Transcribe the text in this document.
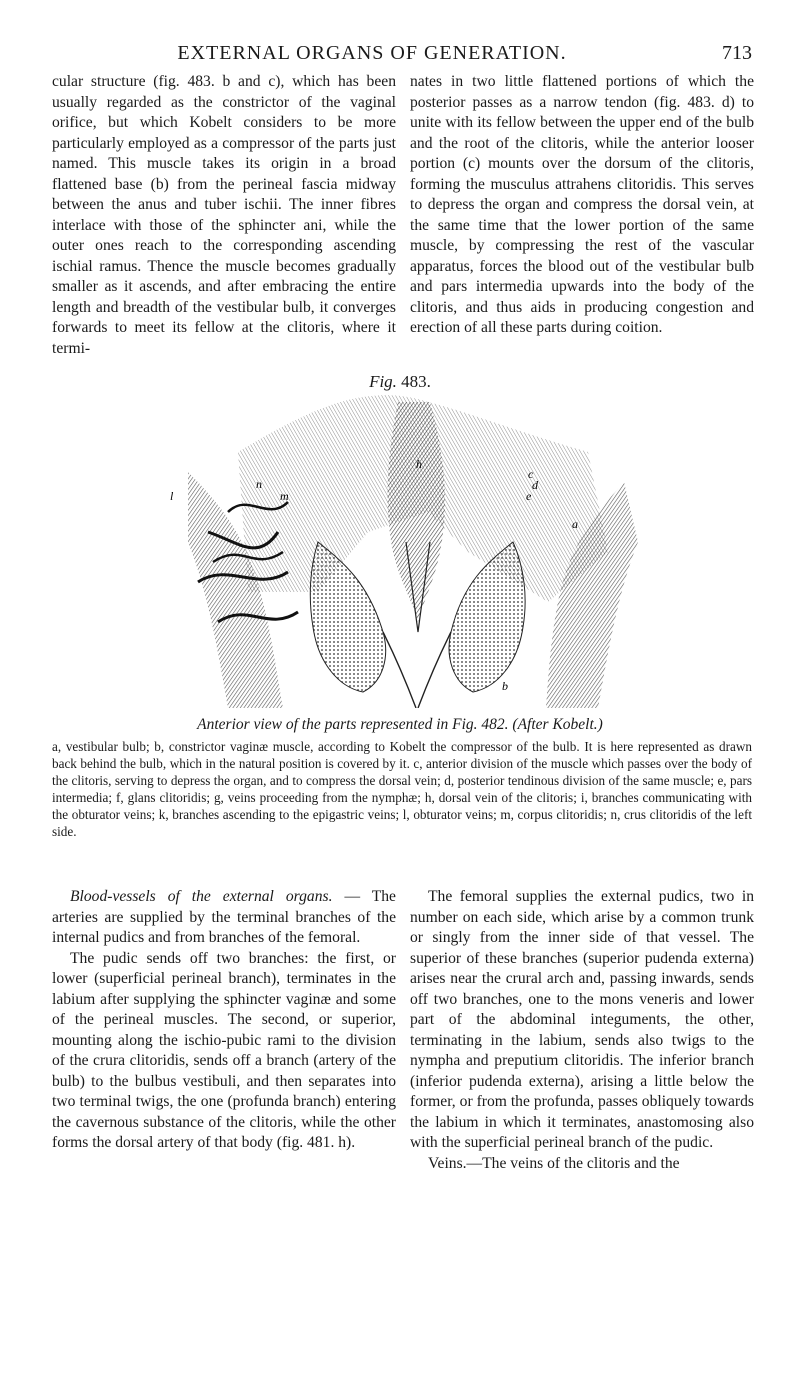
EXTERNAL ORGANS OF GENERATION.	713

cular structure (fig. 483. b and c), which has been usually regarded as the constrictor of the vaginal orifice, but which Kobelt considers to be more particularly employed as a compressor of the parts just named. This muscle takes its origin in a broad flattened base (b) from the perineal fascia midway between the anus and tuber ischii. The inner fibres interlace with those of the sphincter ani, while the outer ones reach to the corresponding ascending ischial ramus. Thence the muscle becomes gradually smaller as it ascends, and after embracing the entire length and breadth of the vestibular bulb, it converges forwards to meet its fellow at the clitoris, where it termi-

nates in two little flattened portions of which the posterior passes as a narrow tendon (fig. 483. d) to unite with its fellow between the upper end of the bulb and the root of the clitoris, while the anterior looser portion (c) mounts over the dorsum of the clitoris, forming the musculus attrahens clitoridis. This serves to depress the organ and compress the dorsal vein, at the same time that the lower portion of the same muscle, by compressing the rest of the vascular apparatus, forces the blood out of the vestibular bulb and pars intermedia upwards into the body of the clitoris, and thus aids in producing congestion and erection of all these parts during coition.

Fig. 483.
n
m
l
h
c
d
e
a
b
Anterior view of the parts represented in Fig. 482. (After Kobelt.)
a, vestibular bulb; b, constrictor vaginæ muscle, according to Kobelt the compressor of the bulb. It is here represented as drawn back behind the bulb, which in the natural position is covered by it. c, anterior division of the muscle which passes over the body of the clitoris, serving to depress the organ, and to compress the dorsal vein; d, posterior tendinous division of the same muscle; e, pars intermedia; f, glans clitoridis; g, veins proceeding from the nymphæ; h, dorsal vein of the clitoris; i, branches communicating with the obturator veins; k, branches ascending to the epigastric veins; l, obturator veins; m, corpus clitoridis; n, crus clitoridis of the left side.

Blood-vessels of the external organs. — The arteries are supplied by the terminal branches of the internal pudics and from branches of the femoral.

The pudic sends off two branches: the first, or lower (superficial perineal branch), terminates in the labium after supplying the sphincter vaginæ and some of the perineal muscles. The second, or superior, mounting along the ischio-pubic rami to the division of the crura clitoridis, sends off a branch (artery of the bulb) to the bulbus vestibuli, and then separates into two terminal twigs, the one (profunda branch) entering the cavernous substance of the clitoris, while the other forms the dorsal artery of that body (fig. 481. h).

The femoral supplies the external pudics, two in number on each side, which arise by a common trunk or singly from the inner side of that vessel. The superior of these branches (superior pudenda externa) arises near the crural arch and, passing inwards, sends off two branches, one to the mons veneris and lower part of the abdominal integuments, the other, terminating in the labium, sends also twigs to the nympha and preputium clitoridis. The inferior branch (inferior pudenda externa), arising a little below the former, or from the profunda, passes obliquely towards the labium in which it terminates, anastomosing also with the superficial perineal branch of the pudic.

Veins.—The veins of the clitoris and the
